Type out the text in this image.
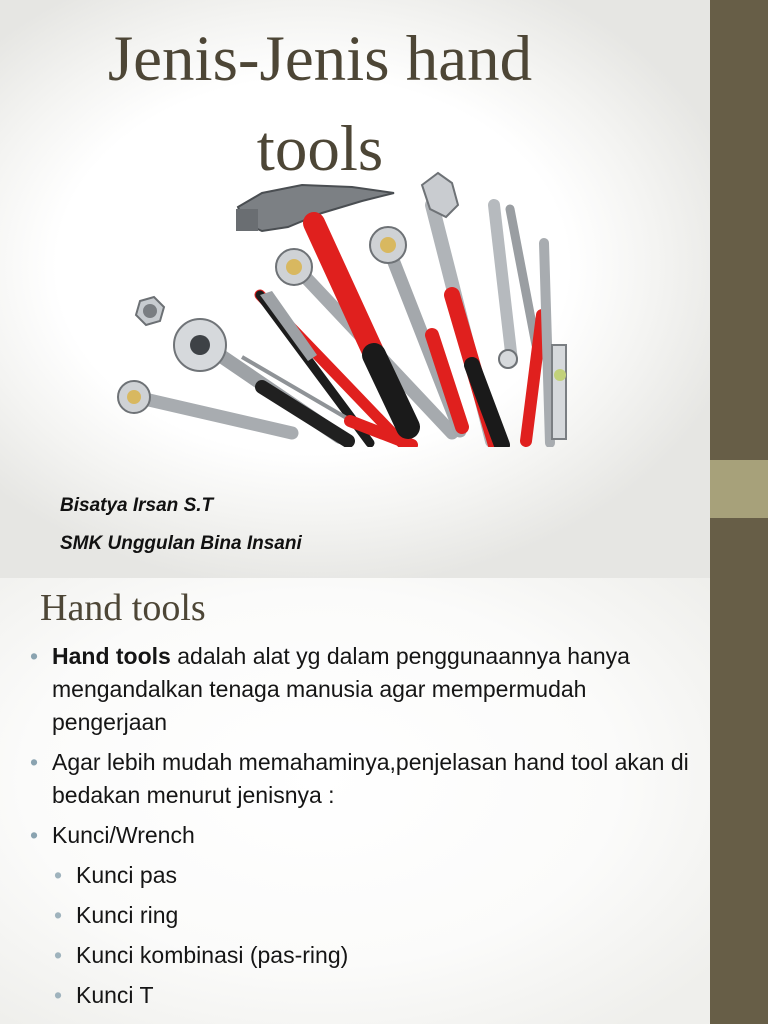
Jenis-Jenis hand
tools

Bisatya Irsan S.T

SMK Unggulan Bina Insani

Hand tools
• Hand tools adalah alat yg dalam penggunaannya hanya mengandalkan tenaga manusia agar mempermudah pengerjaan
• Agar lebih mudah memahaminya,penjelasan hand tool akan di bedakan menurut jenisnya :
• Kunci/Wrench
• Kunci pas
• Kunci ring
• Kunci kombinasi (pas-ring)
• Kunci T
